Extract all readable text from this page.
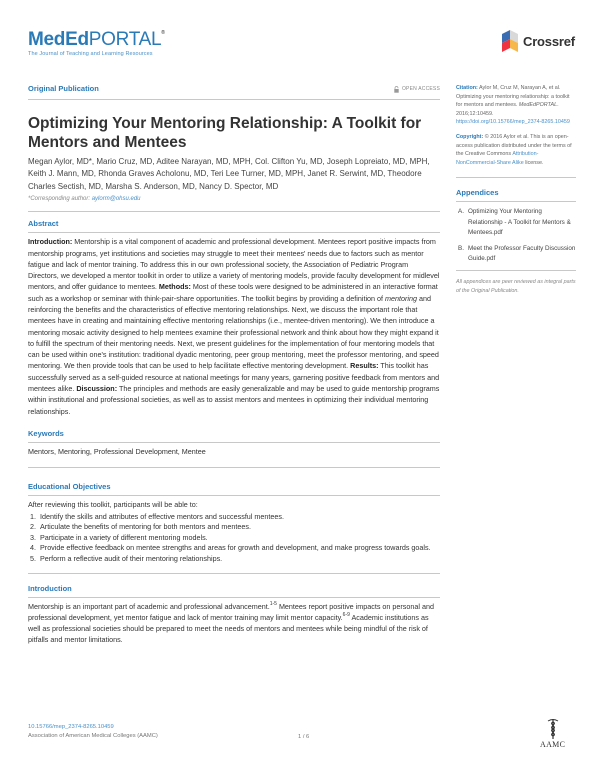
MedEdPORTAL®
The Journal of Teaching and Learning Resources
Crossref
Original Publication	OPEN ACCESS
Optimizing Your Mentoring Relationship: A Toolkit for Mentors and Mentees
Megan Aylor, MD*, Mario Cruz, MD, Aditee Narayan, MD, MPH, Col. Clifton Yu, MD, Joseph Lopreiato, MD, MPH, Keith J. Mann, MD, Rhonda Graves Acholonu, MD, Teri Lee Turner, MD, MPH, Janet R. Serwint, MD, Theodore Charles Sectish, MD, Marsha S. Anderson, MD, Nancy D. Spector, MD
*Corresponding author: aylorm@ohsu.edu
Abstract

Introduction: Mentorship is a vital component of academic and professional development. Mentees report positive impacts from mentorship programs, yet institutions and societies may struggle to meet their mentees' needs due to factors such as mentor fatigue and lack of mentor training. To address this in our own professional society, the Association of Pediatric Program Directors, we developed a mentor toolkit in order to utilize a variety of mentoring models, provide faculty development for midlevel mentors, and offer guidance to mentees. Methods: Most of these tools were designed to be administered in an interactive format such as a workshop or seminar with think-pair-share opportunities. The toolkit begins by providing a definition of mentoring and reinforcing the benefits and the characteristics of effective mentoring relationships. Next, we discuss the important role that mentees have in creating and maintaining effective mentoring relationships (i.e., mentee-driven mentoring). We then introduce a mentoring mosaic activity designed to help mentees examine their professional network and think about how they might expand it to fulfill the spectrum of their mentoring needs. Next, we present guidelines for the implementation of four mentoring models that can be used within one's institution: traditional dyadic mentoring, peer group mentoring, meet the professor mentoring, and speed mentoring. We then provide tools that can be used to help facilitate effective mentoring development. Results: This toolkit has successfully served as a self-guided resource at national meetings for many years, garnering positive feedback from mentors and mentees alike. Discussion: The principles and methods are easily generalizable and may be used to guide mentorship programs within institutional and professional societies, as well as to assist mentors and mentees in optimizing their individual mentoring relationships.

Keywords

Mentors, Mentoring, Professional Development, Mentee

Educational Objectives

After reviewing this toolkit, participants will be able to:

1. Identify the skills and attributes of effective mentors and successful mentees.
2. Articulate the benefits of mentoring for both mentors and mentees.
3. Participate in a variety of different mentoring models.
4. Provide effective feedback on mentee strengths and areas for growth and development, and make progress towards goals.
5. Perform a reflective audit of their mentoring relationships.
Introduction

Mentorship is an important part of academic and professional advancement.$^{1-5}$ Mentees report positive impacts on personal and professional development, yet mentor fatigue and lack of mentor training may limit mentor capacity.$^{6-9}$ Academic institutions as well as professional societies should be prepared to meet the needs of mentors and mentees while being mindful of the risk of pitfalls and mentor limitations.

Citation: Aylor M, Cruz M, Narayan A, et al. Optimizing your mentoring relationship: a toolkit for mentors and mentees. MedEdPORTAL. 2016;12:10459.
https://doi.org/10.15766/mep_2374-8265.10459

Copyright: © 2016 Aylor et al. This is an open-access publication distributed under the terms of the Creative Commons Attribution-NonCommercial-Share Alike license.

Appendices
A. Optimizing Your Mentoring Relationship - A Toolkit for Mentors & Mentees.pdf
B. Meet the Professor Faculty Discussion Guide.pdf

All appendices are peer reviewed as integral parts of the Original Publication.

10.15766/mep_2374-8265.10459
Association of American Medical Colleges (AAMC)	1 / 6
AAMC
